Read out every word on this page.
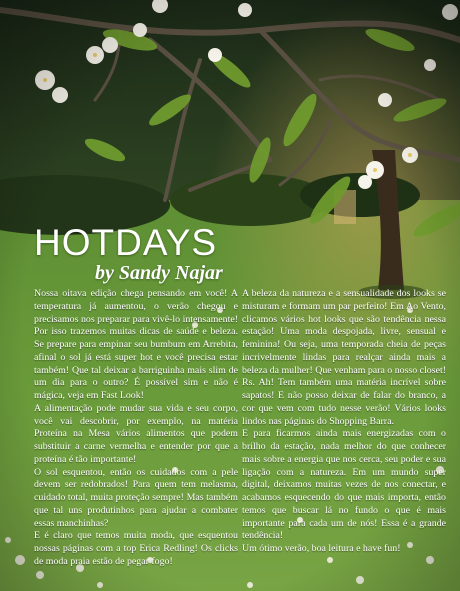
HOTDAYS
by Sandy Najar

Nossa oitava edição chega pensando em você! A temperatura já aumentou, o verão chegou e precisamos nos preparar para vivê-lo intensamente! Por isso trazemos muitas dicas de saúde e beleza. Se prepare para empinar seu bumbum em Arrebita, afinal o sol já está super hot e você precisa estar também! Que tal deixar a barriguinha mais slim de um dia para o outro? É possível sim e não é mágica, veja em Fast Look!

A alimentação pode mudar sua vida e seu corpo, você vai descobrir, por exemplo, na matéria Proteína na Mesa vários alimentos que podem substituir a carne vermelha e entender por que a proteína é tão importante!

O sol esquentou, então os cuidados com a pele devem ser redobrados! Para quem tem melasma, cuidado total, muita proteção sempre! Mas também que tal uns produtinhos para ajudar a combater essas manchinhas?

E é claro que temos muita moda, que esquentou nossas páginas com a top Erica Redling! Os clicks de moda praia estão de pegar fogo!

A beleza da natureza e a sensualidade dos looks se misturam e formam um par perfeito! Em Ao Vento, clicamos vários hot looks que são tendência nessa estação! Uma moda despojada, livre, sensual e feminina! Ou seja, uma temporada cheia de peças incrivelmente lindas para realçar ainda mais a beleza da mulher! Que venham para o nosso closet! Rs. Ah! Tem também uma matéria incrível sobre sapatos! E não posso deixar de falar do branco, a cor que vem com tudo nesse verão! Vários looks lindos nas páginas do Shopping Barra.

E para ficarmos ainda mais energizadas com o brilho da estação, nada melhor do que conhecer mais sobre a energia que nos cerca, seu poder e sua ligação com a natureza. Em um mundo super digital, deixamos muitas vezes de nos conectar, e acabamos esquecendo do que mais importa, então temos que buscar lá no fundo o que é mais importante para cada um de nós! Essa é a grande tendência!

Um ótimo verão, boa leitura e have fun!
